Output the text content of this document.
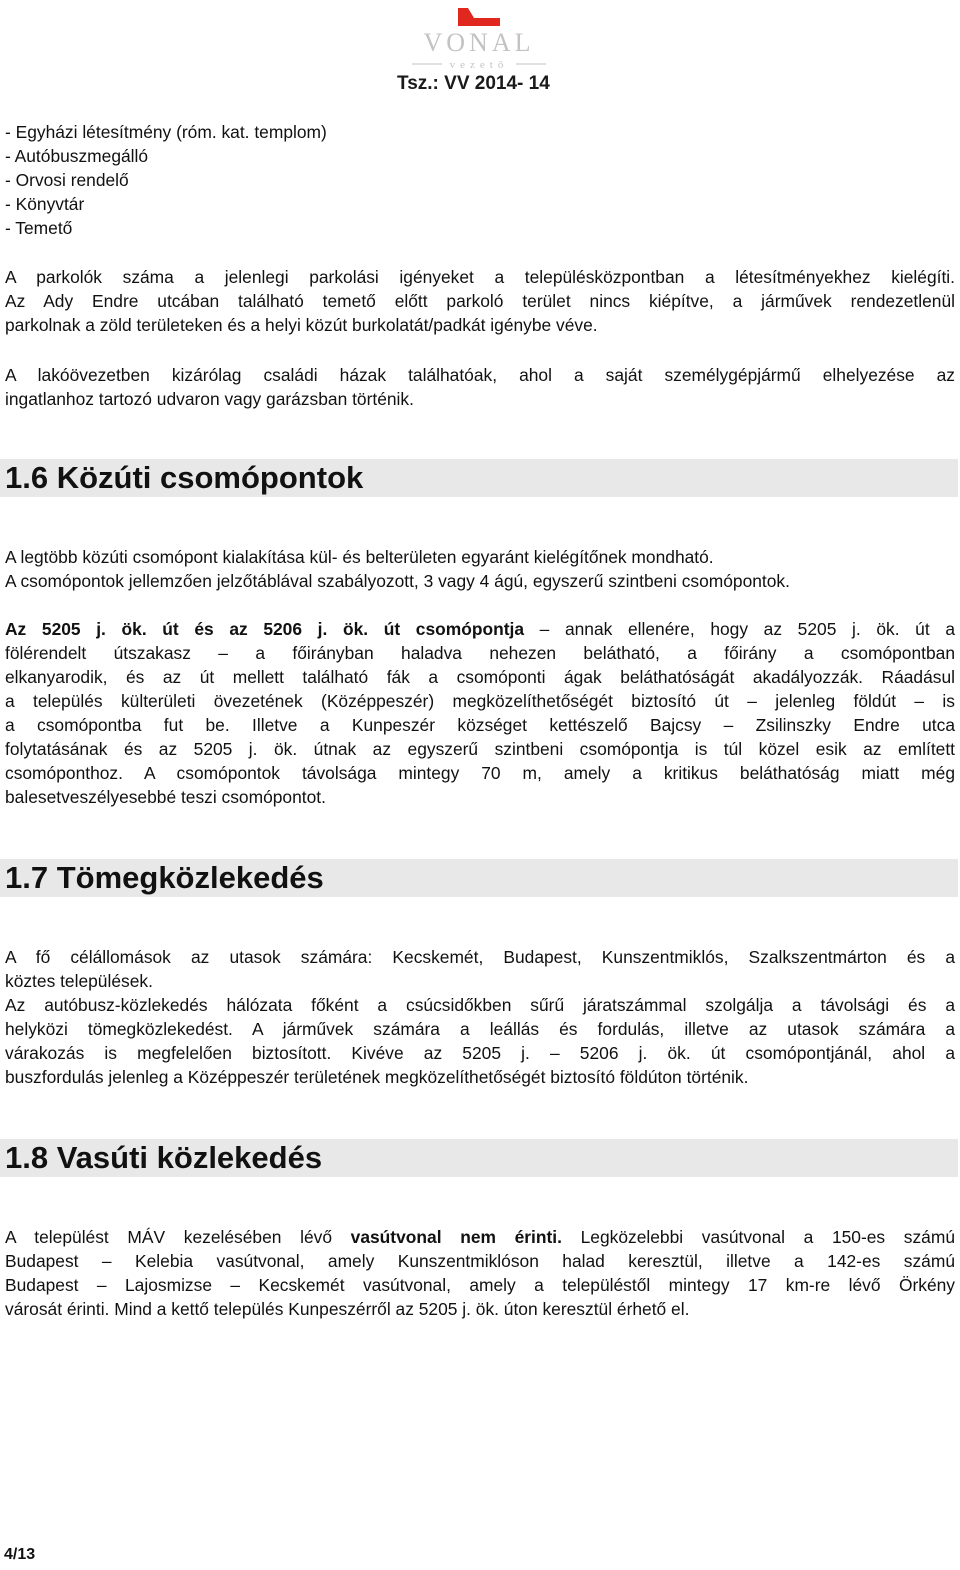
VONAL
vezető
Tsz.: VV 2014- 14
- Egyházi létesítmény (róm. kat. templom)
- Autóbuszmegálló
- Orvosi rendelő
- Könyvtár
- Temető
A parkolók száma a jelenlegi parkolási igényeket a településközpontban a létesítményekhez kielégíti.
Az Ady Endre utcában található temető előtt parkoló terület nincs kiépítve, a járművek rendezetlenül
parkolnak a zöld területeken és a helyi közút burkolatát/padkát igénybe véve.
A lakóövezetben kizárólag családi házak találhatóak, ahol a saját személygépjármű elhelyezése az
ingatlanhoz tartozó udvaron vagy garázsban történik.
1.6 Közúti csomópontok
A legtöbb közúti csomópont kialakítása kül- és belterületen egyaránt kielégítőnek mondható.
A csomópontok jellemzően jelzőtáblával szabályozott, 3 vagy 4 ágú, egyszerű szintbeni csomópontok.
Az 5205 j. ök. út és az 5206 j. ök. út csomópontja – annak ellenére, hogy az 5205 j. ök. út a
fölérendelt útszakasz – a főirányban haladva nehezen belátható, a főirány a csomópontban
elkanyarodik, és az út mellett található fák a csomóponti ágak beláthatóságát akadályozzák. Ráadásul
a település külterületi övezetének (Középpeszér) megközelíthetőségét biztosító út – jelenleg földút – is
a csomópontba fut be. Illetve a Kunpeszér községet kettészelő Bajcsy – Zsilinszky Endre utca
folytatásának és az 5205 j. ök. útnak az egyszerű szintbeni csomópontja is túl közel esik az említett
csomóponthoz. A csomópontok távolsága mintegy 70 m, amely a kritikus beláthatóság miatt még
balesetveszélyesebbé teszi csomópontot.
1.7 Tömegközlekedés
A fő célállomások az utasok számára: Kecskemét, Budapest, Kunszentmiklós, Szalkszentmárton és a
köztes települések.
Az autóbusz-közlekedés hálózata főként a csúcsidőkben sűrű járatszámmal szolgálja a távolsági és a
helyközi tömegközlekedést. A járművek számára a leállás és fordulás, illetve az utasok számára a
várakozás is megfelelően biztosított. Kivéve az 5205 j. – 5206 j. ök. út csomópontjánál, ahol a
buszfordulás jelenleg a Középpeszér területének megközelíthetőségét biztosító földúton történik.
1.8 Vasúti közlekedés
A települést MÁV kezelésében lévő vasútvonal nem érinti. Legközelebbi vasútvonal a 150-es számú
Budapest – Kelebia vasútvonal, amely Kunszentmiklóson halad keresztül, illetve a 142-es számú
Budapest – Lajosmizse – Kecskemét vasútvonal, amely a településtől mintegy 17 km-re lévő Örkény
városát érinti. Mind a kettő település Kunpeszérről az 5205 j. ök. úton keresztül érhető el.
4/13
